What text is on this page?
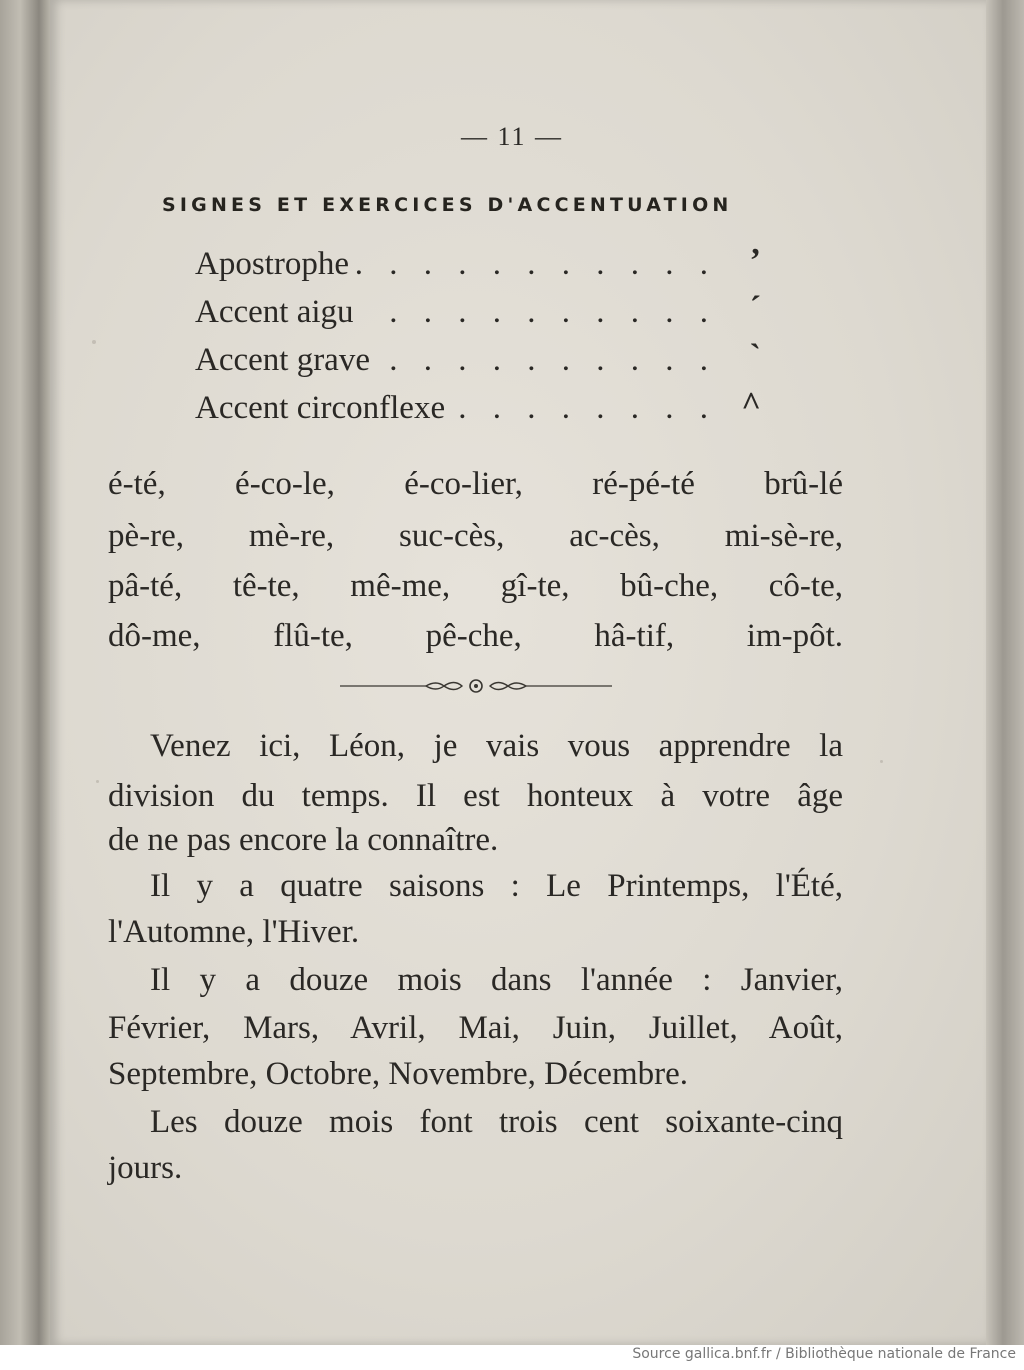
— 11 —
SIGNES ET EXERCICES D'ACCENTUATION
Apostrophe . . . . . . . . . . . ’
Accent aigu . . . . . . . . . . ´
Accent grave . . . . . . . . . . `
Accent circonflexe . . . . . . . . ^
é-té, é-co-le, é-co-lier, ré-pé-té brû-lé
pè-re, mè-re, suc-cès, ac-cès, mi-sè-re,
pâ-té, tê-te, mê-me, gî-te, bû-che, cô-te,
dô-me, flû-te, pê-che, hâ-tif, im-pôt.
Venez ici, Léon, je vais vous apprendre la
division du temps. Il est honteux à votre âge
de ne pas encore la connaître.
Il y a quatre saisons : Le Printemps, l'Été,
l'Automne, l'Hiver.
Il y a douze mois dans l'année : Janvier,
Février, Mars, Avril, Mai, Juin, Juillet, Août,
Septembre, Octobre, Novembre, Décembre.
Les douze mois font trois cent soixante-cinq
jours.
Source gallica.bnf.fr / Bibliothèque nationale de France
